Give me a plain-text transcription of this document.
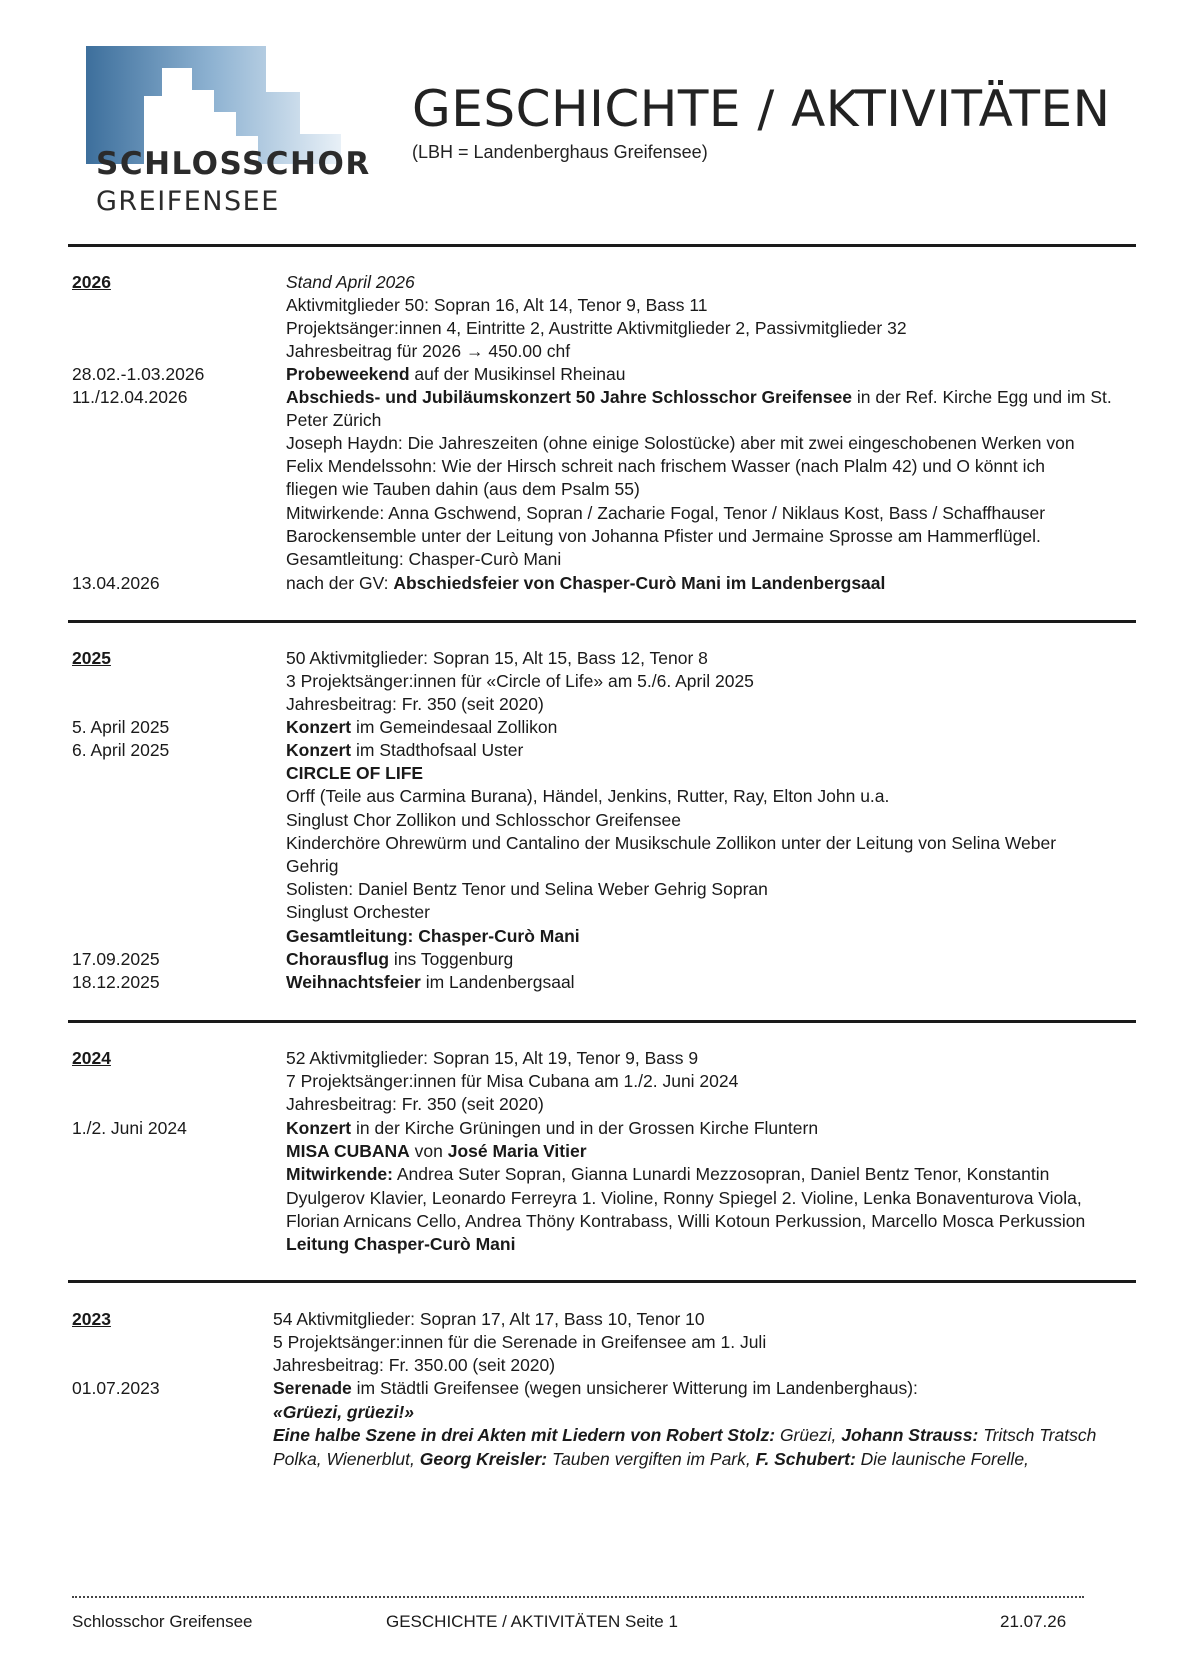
SCHLOSSCHOR
GREIFENSEE
GESCHICHTE / AKTIVITÄTEN
(LBH = Landenberghaus Greifensee)
2026	Stand April 2026
Aktivmitglieder 50: Sopran 16, Alt 14, Tenor 9, Bass 11
Projektsänger:innen 4, Eintritte 2, Austritte Aktivmitglieder 2, Passivmitglieder 32
Jahresbeitrag für 2026 → 450.00 chf
28.02.-1.03.2026	Probeweekend auf der Musikinsel Rheinau
11./12.04.2026	Abschieds- und Jubiläumskonzert 50 Jahre Schlosschor Greifensee in der Ref. Kirche Egg und im St.
Peter Zürich
Joseph Haydn: Die Jahreszeiten (ohne einige Solostücke) aber mit zwei eingeschobenen Werken von
Felix Mendelssohn: Wie der Hirsch schreit nach frischem Wasser (nach Plalm 42) und O könnt ich
fliegen wie Tauben dahin (aus dem Psalm 55)
Mitwirkende: Anna Gschwend, Sopran / Zacharie Fogal, Tenor / Niklaus Kost, Bass / Schaffhauser
Barockensemble unter der Leitung von Johanna Pfister und Jermaine Sprosse am Hammerflügel.
Gesamtleitung: Chasper-Curò Mani
13.04.2026	nach der GV: Abschiedsfeier von Chasper-Curò Mani im Landenbergsaal
2025	50 Aktivmitglieder: Sopran 15, Alt 15, Bass 12, Tenor 8
3 Projektsänger:innen für «Circle of Life» am 5./6. April 2025
Jahresbeitrag: Fr. 350 (seit 2020)
5. April 2025	Konzert im Gemeindesaal Zollikon
6. April 2025	Konzert im Stadthofsaal Uster
CIRCLE OF LIFE
Orff (Teile aus Carmina Burana), Händel, Jenkins, Rutter, Ray, Elton John u.a.
Singlust Chor Zollikon und Schlosschor Greifensee
Kinderchöre Ohrewürm und Cantalino der Musikschule Zollikon unter der Leitung von Selina Weber
Gehrig
Solisten: Daniel Bentz Tenor und Selina Weber Gehrig Sopran
Singlust Orchester
Gesamtleitung: Chasper-Curò Mani
17.09.2025	Chorausflug ins Toggenburg
18.12.2025	Weihnachtsfeier im Landenbergsaal
2024	52 Aktivmitglieder: Sopran 15, Alt 19, Tenor 9, Bass 9
7 Projektsänger:innen für Misa Cubana am 1./2. Juni 2024
Jahresbeitrag: Fr. 350 (seit 2020)
1./2. Juni 2024	Konzert in der Kirche Grüningen und in der Grossen Kirche Fluntern
MISA CUBANA von José Maria Vitier
Mitwirkende: Andrea Suter Sopran, Gianna Lunardi Mezzosopran, Daniel Bentz Tenor, Konstantin
Dyulgerov Klavier, Leonardo Ferreyra 1. Violine, Ronny Spiegel 2. Violine, Lenka Bonaventurova Viola,
Florian Arnicans Cello, Andrea Thöny Kontrabass, Willi Kotoun Perkussion, Marcello Mosca Perkussion
Leitung Chasper-Curò Mani
2023	54 Aktivmitglieder: Sopran 17, Alt 17, Bass 10, Tenor 10
5 Projektsänger:innen für die Serenade in Greifensee am 1. Juli
Jahresbeitrag: Fr. 350.00 (seit 2020)
01.07.2023	Serenade im Städtli Greifensee (wegen unsicherer Witterung im Landenberghaus):
«Grüezi, grüezi!»
Eine halbe Szene in drei Akten mit Liedern von Robert Stolz: Grüezi, Johann Strauss: Tritsch Tratsch
Polka, Wienerblut, Georg Kreisler: Tauben vergiften im Park, F. Schubert: Die launische Forelle,
Schlosschor Greifensee	GESCHICHTE / AKTIVITÄTEN Seite 1	21.07.26
